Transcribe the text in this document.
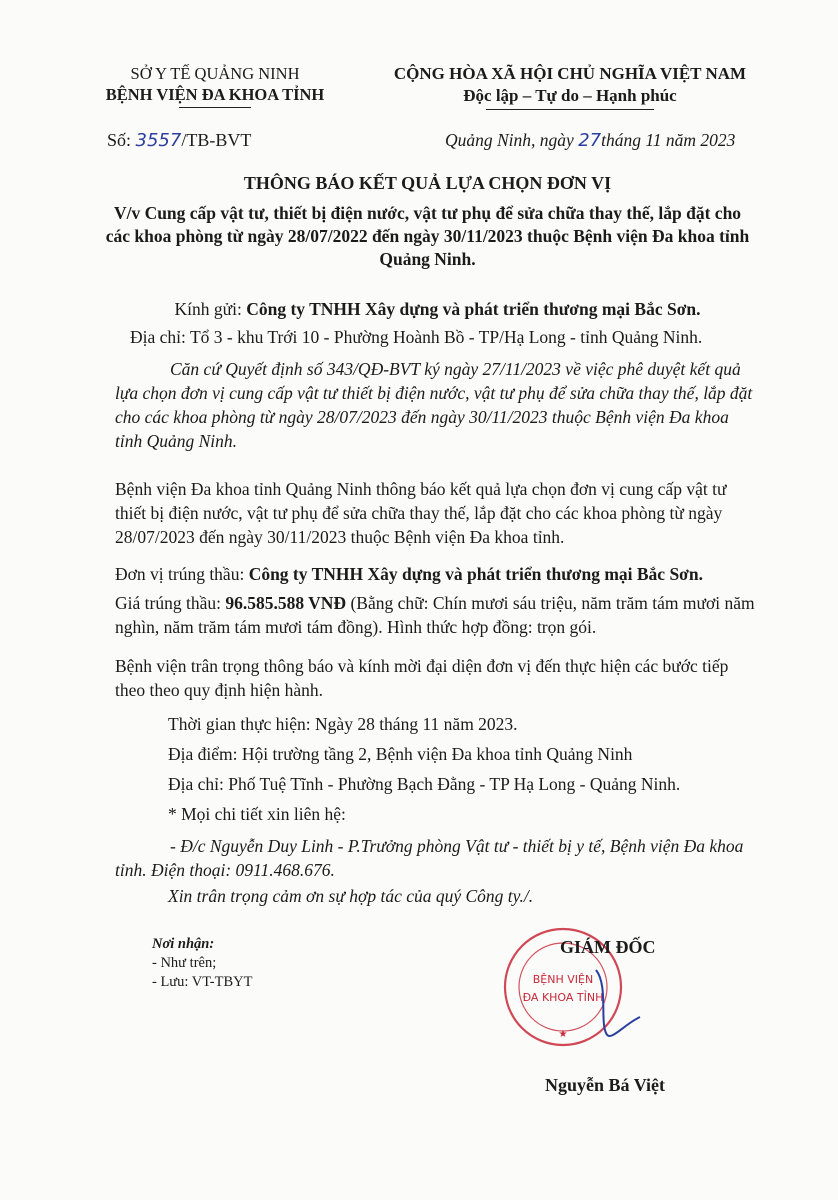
SỞ Y TẾ QUẢNG NINH
BỆNH VIỆN ĐA KHOA TỈNH
CỘNG HÒA XÃ HỘI CHỦ NGHĨA VIỆT NAM
Độc lập – Tự do – Hạnh phúc
Số: 3557/TB-BVT	Quảng Ninh, ngày 27tháng 11 năm 2023
THÔNG BÁO KẾT QUẢ LỰA CHỌN ĐƠN VỊ
V/v Cung cấp vật tư, thiết bị điện nước, vật tư phụ để sửa chữa thay thế, lắp đặt cho các khoa phòng từ ngày 28/07/2022 đến ngày 30/11/2023 thuộc Bệnh viện Đa khoa tỉnh Quảng Ninh.
Kính gửi: Công ty TNHH Xây dựng và phát triển thương mại Bắc Sơn.
Địa chỉ: Tổ 3 - khu Trới 10 - Phường Hoành Bồ - TP/Hạ Long - tỉnh Quảng Ninh.
Căn cứ Quyết định số 343/QĐ-BVT ký ngày 27/11/2023 về việc phê duyệt kết quả lựa chọn đơn vị cung cấp vật tư thiết bị điện nước, vật tư phụ để sửa chữa thay thế, lắp đặt cho các khoa phòng từ ngày 28/07/2023 đến ngày 30/11/2023 thuộc Bệnh viện Đa khoa tỉnh Quảng Ninh.
Bệnh viện Đa khoa tỉnh Quảng Ninh thông báo kết quả lựa chọn đơn vị cung cấp vật tư thiết bị điện nước, vật tư phụ để sửa chữa thay thế, lắp đặt cho các khoa phòng từ ngày 28/07/2023 đến ngày 30/11/2023 thuộc Bệnh viện Đa khoa tỉnh.
Đơn vị trúng thầu: Công ty TNHH Xây dựng và phát triển thương mại Bắc Sơn.
Giá trúng thầu: 96.585.588 VNĐ (Bằng chữ: Chín mươi sáu triệu, năm trăm tám mươi năm nghìn, năm trăm tám mươi tám đồng). Hình thức hợp đồng: trọn gói.
Bệnh viện trân trọng thông báo và kính mời đại diện đơn vị đến thực hiện các bước tiếp theo theo quy định hiện hành.
Thời gian thực hiện: Ngày 28 tháng 11 năm 2023.
Địa điểm: Hội trường tầng 2, Bệnh viện Đa khoa tỉnh Quảng Ninh
Địa chỉ: Phố Tuệ Tĩnh - Phường Bạch Đằng - TP Hạ Long - Quảng Ninh.
* Mọi chi tiết xin liên hệ:
- Đ/c Nguyễn Duy Linh - P.Trưởng phòng Vật tư - thiết bị y tế, Bệnh viện Đa khoa tỉnh. Điện thoại: 0911.468.676.
Xin trân trọng cảm ơn sự hợp tác của quý Công ty./.
Nơi nhận:
- Như trên;
- Lưu: VT-TBYT	BỆNH VIỆN
ĐA KHOA TỈNH
★
GIÁM ĐỐC
Nguyễn Bá Việt
